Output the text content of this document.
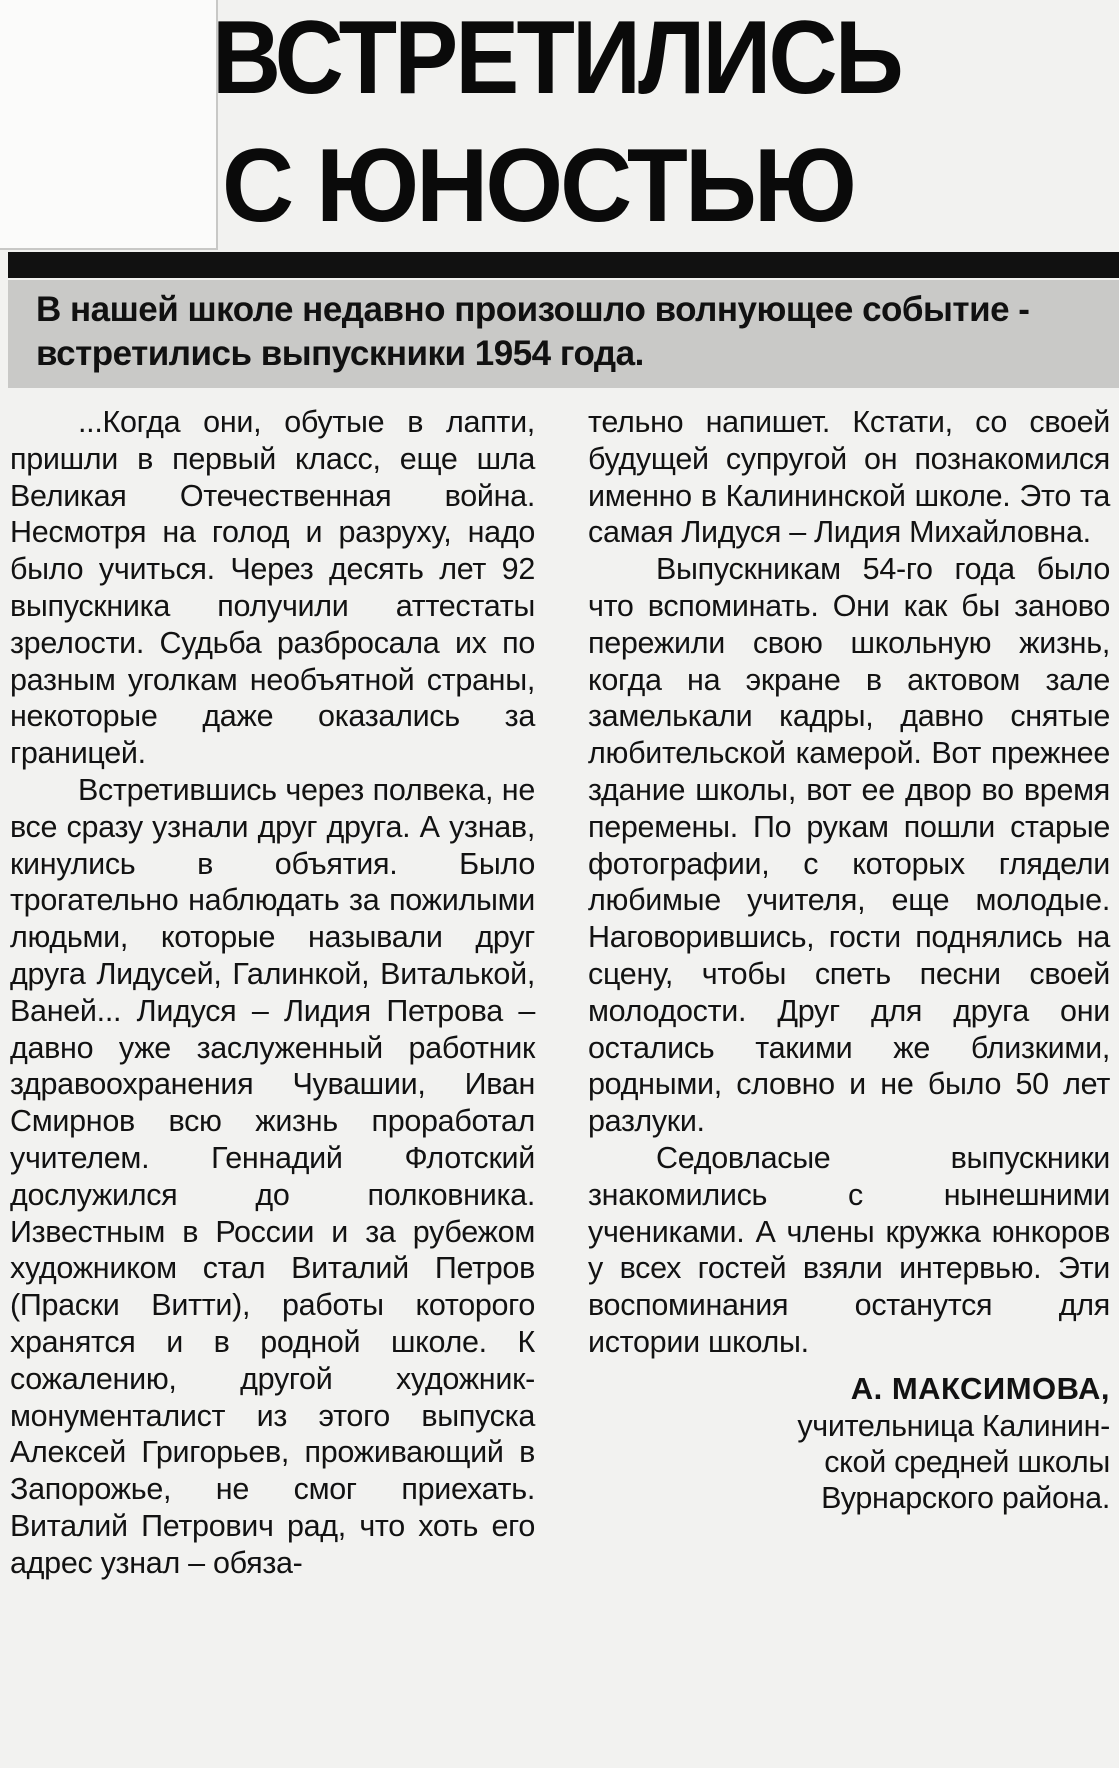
ВСТРЕТИЛИСЬ
С ЮНОСТЬЮ
В нашей школе недавно произошло волнующее событие - встретились выпускники 1954 года.

...Когда они, обутые в лапти, пришли в первый класс, еще шла Великая Отечественная война. Несмотря на голод и разруху, надо было учиться. Через десять лет 92 выпускника получили аттестаты зрелости. Судьба разбросала их по разным уголкам необъятной страны, некоторые даже оказались за границей.

Встретившись через полвека, не все сразу узнали друг друга. А узнав, кинулись в объятия. Было трогательно наблюдать за пожилыми людьми, которые называли друг друга Лидусей, Галинкой, Виталькой, Ваней... Лидуся – Лидия Петрова – давно уже заслуженный работник здравоохранения Чувашии, Иван Смирнов всю жизнь проработал учителем. Геннадий Флотский дослужился до полковника. Известным в России и за рубежом художником стал Виталий Петров (Праски Витти), работы которого хранятся и в родной школе. К сожалению, другой художник-монументалист из этого выпуска Алексей Григорьев, проживающий в Запорожье, не смог приехать. Виталий Петрович рад, что хоть его адрес узнал – обяза-

тельно напишет. Кстати, со своей будущей супругой он познакомился именно в Калининской школе. Это та самая Лидуся – Лидия Михайловна.

Выпускникам 54-го года было что вспоминать. Они как бы заново пережили свою школьную жизнь, когда на экране в актовом зале замелькали кадры, давно снятые любительской камерой. Вот прежнее здание школы, вот ее двор во время перемены. По рукам пошли старые фотографии, с которых глядели любимые учителя, еще молодые. Наговорившись, гости поднялись на сцену, чтобы спеть песни своей молодости. Друг для друга они остались такими же близкими, родными, словно и не было 50 лет разлуки.

Седовласые выпускники знакомились с нынешними учениками. А члены кружка юнкоров у всех гостей взяли интервью. Эти воспоминания останутся для истории школы.

А. МАКСИМОВА,
учительница Калинин-
ской средней школы
Вурнарского района.
